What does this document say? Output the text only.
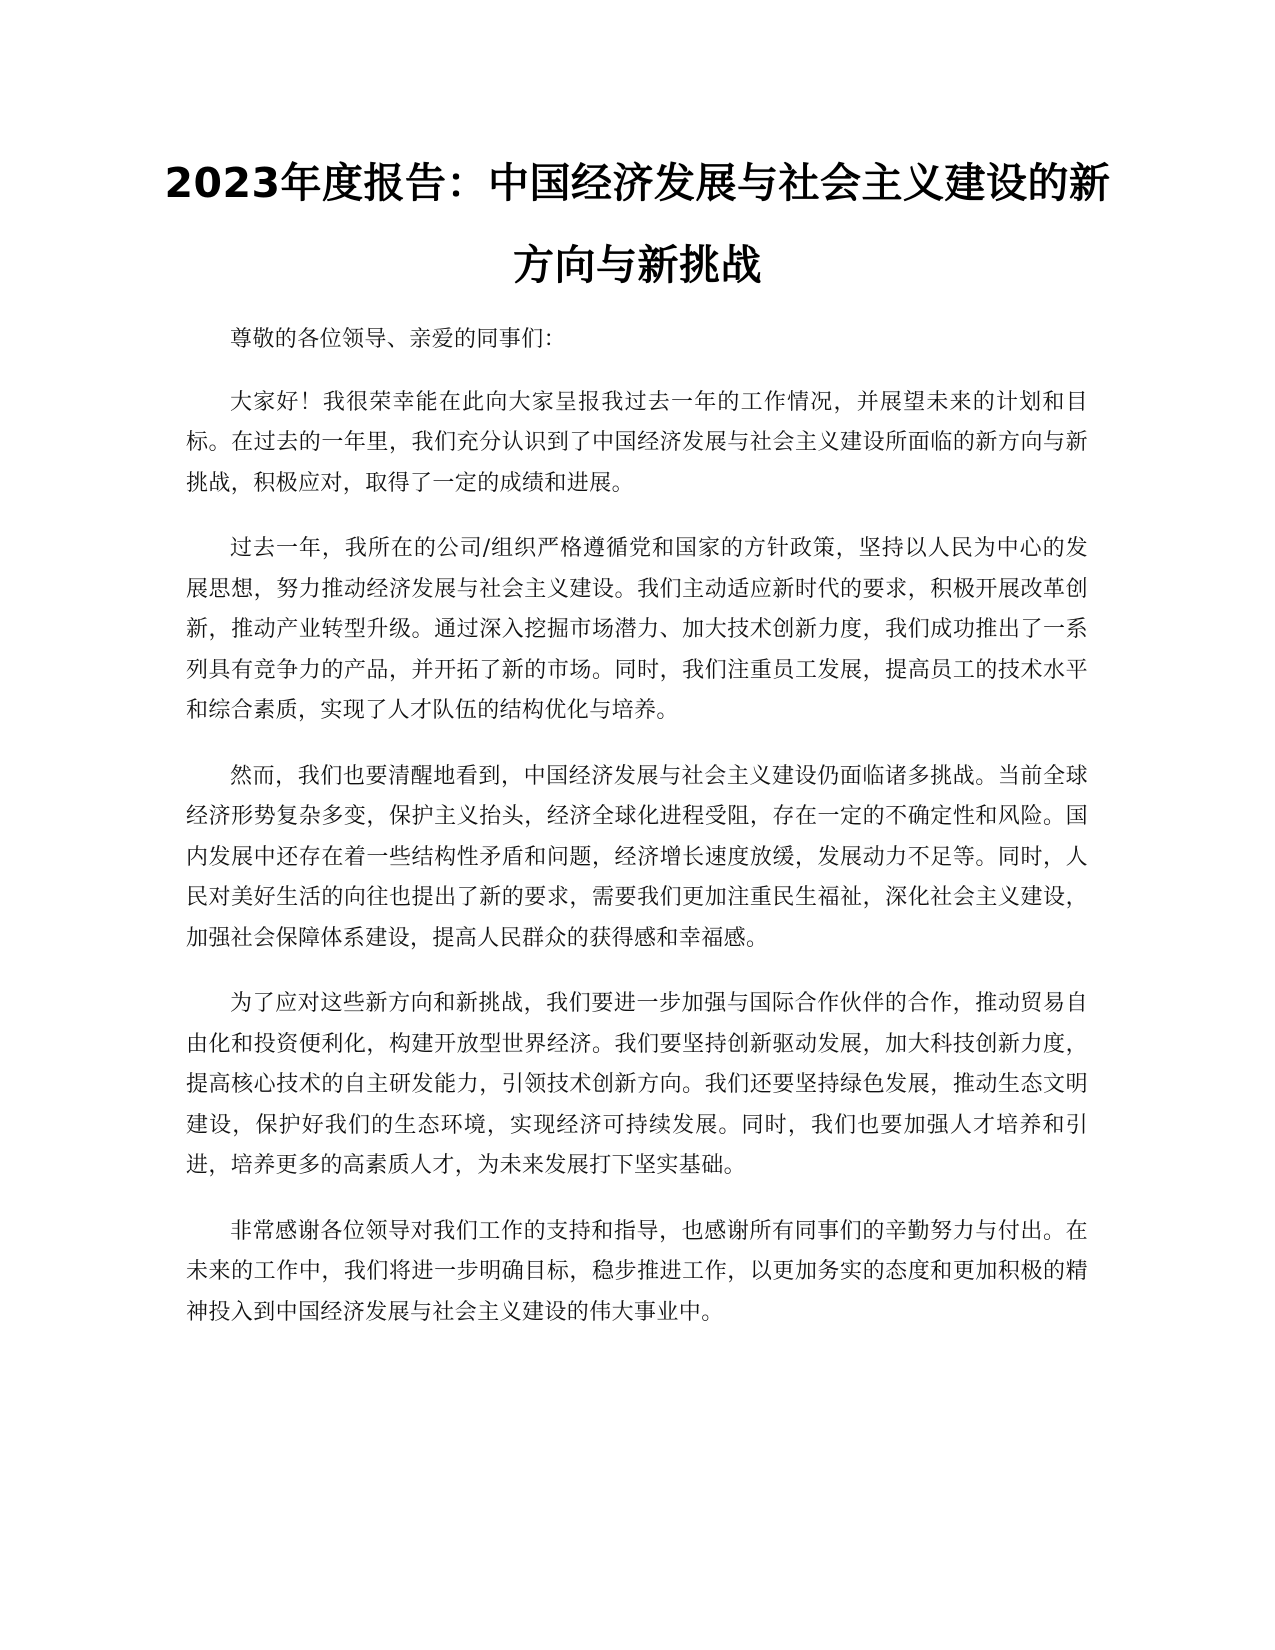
2023年度报告：中国经济发展与社会主义建设的新方向与新挑战

尊敬的各位领导、亲爱的同事们：

大家好！我很荣幸能在此向大家呈报我过去一年的工作情况，并展望未来的计划和目标。在过去的一年里，我们充分认识到了中国经济发展与社会主义建设所面临的新方向与新挑战，积极应对，取得了一定的成绩和进展。

过去一年，我所在的公司/组织严格遵循党和国家的方针政策，坚持以人民为中心的发展思想，努力推动经济发展与社会主义建设。我们主动适应新时代的要求，积极开展改革创新，推动产业转型升级。通过深入挖掘市场潜力、加大技术创新力度，我们成功推出了一系列具有竞争力的产品，并开拓了新的市场。同时，我们注重员工发展，提高员工的技术水平和综合素质，实现了人才队伍的结构优化与培养。

然而，我们也要清醒地看到，中国经济发展与社会主义建设仍面临诸多挑战。当前全球经济形势复杂多变，保护主义抬头，经济全球化进程受阻，存在一定的不确定性和风险。国内发展中还存在着一些结构性矛盾和问题，经济增长速度放缓，发展动力不足等。同时，人民对美好生活的向往也提出了新的要求，需要我们更加注重民生福祉，深化社会主义建设，加强社会保障体系建设，提高人民群众的获得感和幸福感。

为了应对这些新方向和新挑战，我们要进一步加强与国际合作伙伴的合作，推动贸易自由化和投资便利化，构建开放型世界经济。我们要坚持创新驱动发展，加大科技创新力度，提高核心技术的自主研发能力，引领技术创新方向。我们还要坚持绿色发展，推动生态文明建设，保护好我们的生态环境，实现经济可持续发展。同时，我们也要加强人才培养和引进，培养更多的高素质人才，为未来发展打下坚实基础。

非常感谢各位领导对我们工作的支持和指导，也感谢所有同事们的辛勤努力与付出。在未来的工作中，我们将进一步明确目标，稳步推进工作，以更加务实的态度和更加积极的精神投入到中国经济发展与社会主义建设的伟大事业中。
